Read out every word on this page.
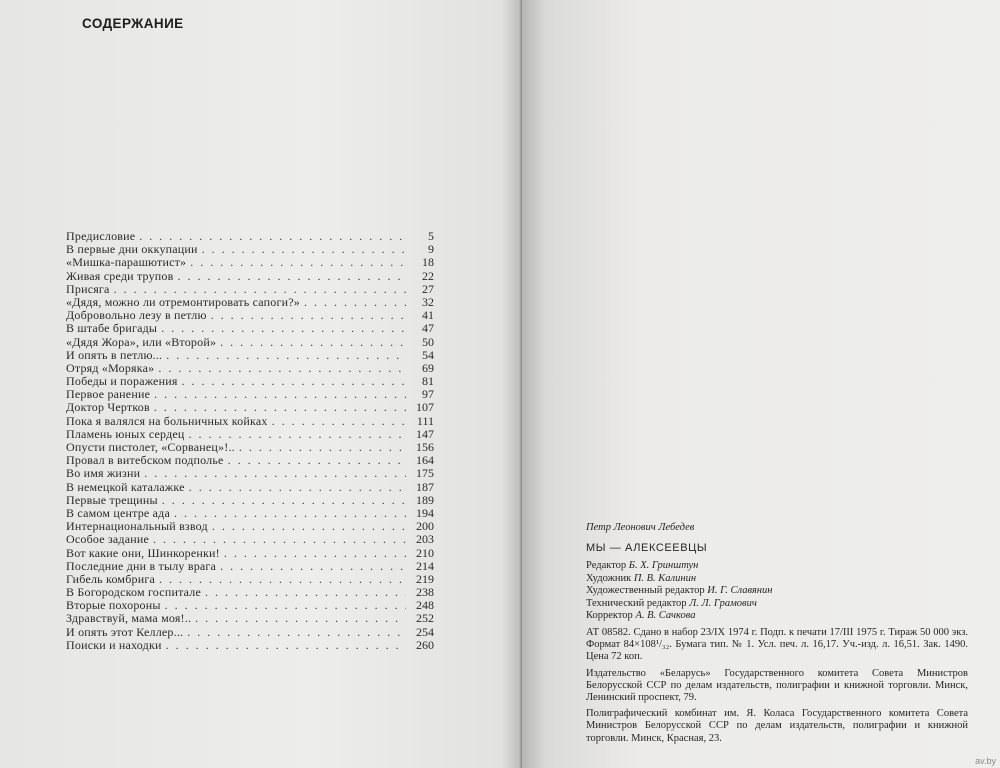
СОДЕРЖАНИЕ
Предисловие . . .	5
В первые дни оккупации . . .	9
«Мишка-парашютист» . . .	18
Живая среди трупов . . .	22
Присяга . . .	27
«Дядя, можно ли отремонтировать сапоги?» . . .	32
Добровольно лезу в петлю . . .	41
В штабе бригады . . .	47
«Дядя Жора», или «Второй» . . .	50
И опять в петлю... . . .	54
Отряд «Моряка» . . .	69
Победы и поражения . . .	81
Первое ранение . . .	97
Доктор Чертков . . .	107
Пока я валялся на больничных койках . . .	111
Пламень юных сердец . . .	147
Опусти пистолет, «Сорванец»!.. . . .	156
Провал в витебском подполье . . .	164
Во имя жизни . . .	175
В немецкой каталажке . . .	187
Первые трещины . . .	189
В самом центре ада . . .	194
Интернациональный взвод . . .	200
Особое задание . . .	203
Вот какие они, Шинкоренки! . . .	210
Последние дни в тылу врага . . .	214
Гибель комбрига . . .	219
В Богородском госпитале . . .	238
Вторые похороны . . .	248
Здравствуй, мама моя!.. . . .	252
И опять этот Келлер... . . .	254
Поиски и находки . . .	260
Петр Леонович Лебедев
МЫ — АЛЕКСЕЕВЦЫ
Редактор Б. Х. Гринштун
Художник П. В. Калинин
Художественный редактор И. Г. Славянин
Технический редактор Л. Л. Грамович
Корректор А. В. Сачкова
АТ 08582. Сдано в набор 23/IX 1974 г. Подп. к печати 17/III 1975 г. Тираж 50 000 экз. Формат 84×108¹/₃₂. Бумага тип. № 1. Усл. печ. л. 16,17. Уч.-изд. л. 16,51. Зак. 1490. Цена 72 коп.
Издательство «Беларусь» Государственного комитета Совета Министров Белорусской ССР по делам издательств, полиграфии и книжной торговли. Минск, Ленинский проспект, 79.
Полиграфический комбинат им. Я. Коласа Государственного комитета Совета Министров Белорусской ССР по делам издательств, полиграфии и книжной торговли. Минск, Красная, 23.
av.by
